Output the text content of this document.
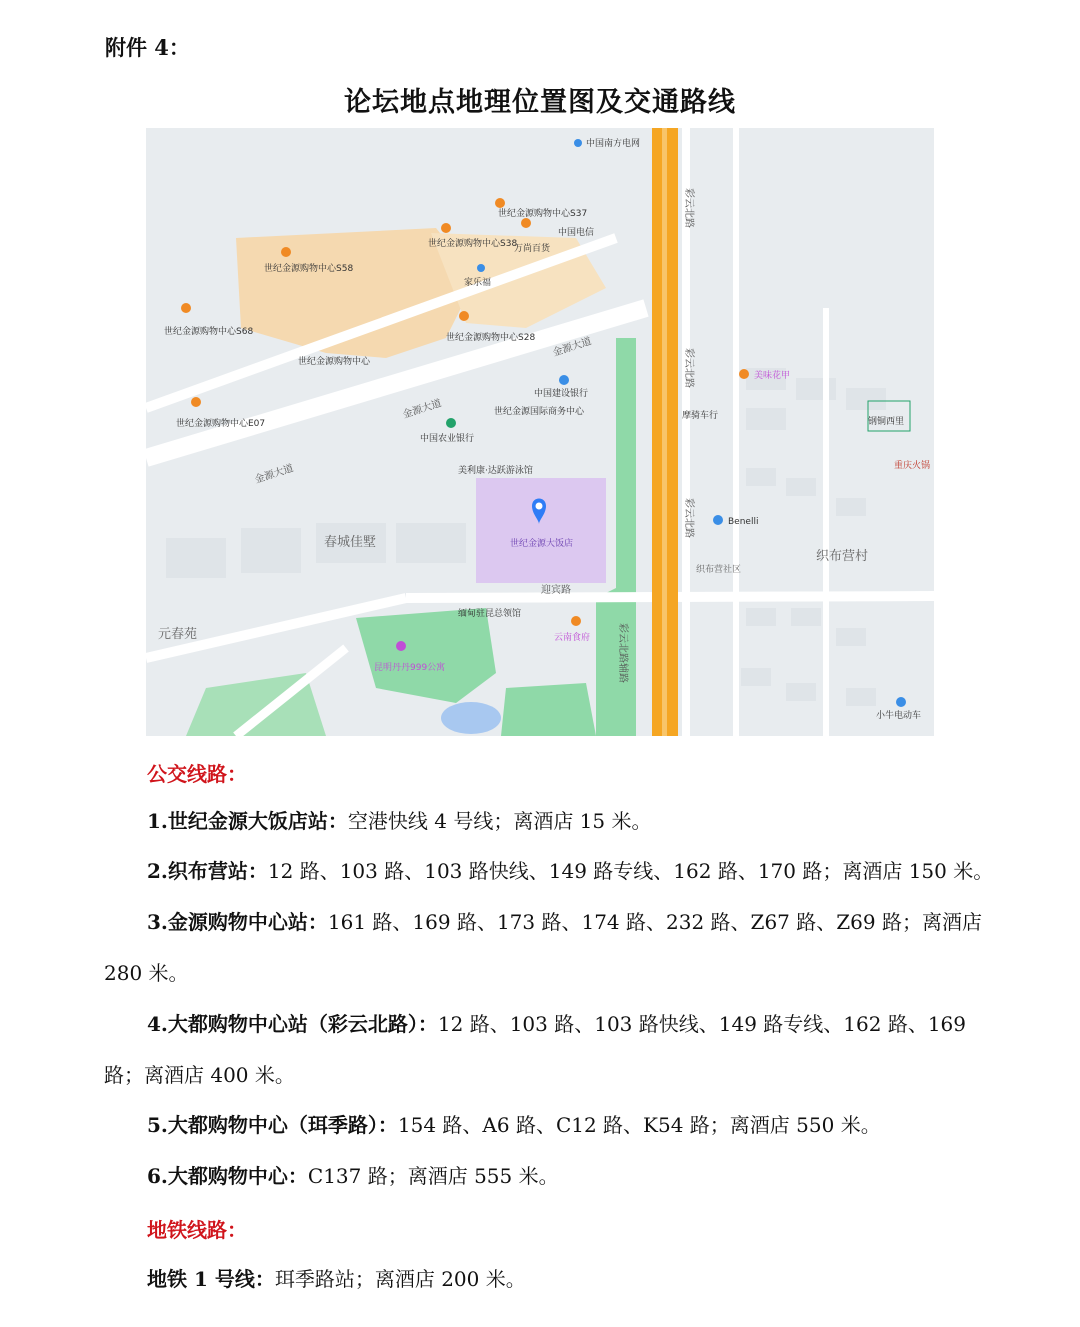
附件 4：
论坛地点地理位置图及交通路线
金源大道
金源大道
金源大道
彩云北路
彩云北路
彩云北路
彩云北路辅路
迎宾路
春城佳墅
元春苑
织布营村
织布营社区
世纪金源大饭店
家乐福
万尚百货
中国电信
中国南方电网
中国农业银行
中国建设银行
世纪金源国际商务中心
世纪金源购物中心S68
世纪金源购物中心S58
世纪金源购物中心S28
世纪金源购物中心S38
世纪金源购物中心S37
世纪金源购物中心E07
世纪金源购物中心
云南食府
缅甸驻昆总领馆
昆明丹丹999公寓
Benelli
美味花甲
摩骑车行
美利康·达跃游泳馆
钢铜西里
重庆火锅
小牛电动车
公交线路：
1.世纪金源大饭店站：空港快线 4 号线；离酒店 15 米。
2.织布营站：12 路、103 路、103 路快线、149 路专线、162 路、170 路；离酒店 150 米。
3.金源购物中心站：161 路、169 路、173 路、174 路、232 路、Z67 路、Z69 路；离酒店
280 米。
4.大都购物中心站（彩云北路）：12 路、103 路、103 路快线、149 路专线、162 路、169
路；离酒店 400 米。
5.大都购物中心（珥季路）：154 路、A6 路、C12 路、K54 路；离酒店 550 米。
6.大都购物中心：C137 路；离酒店 555 米。
地铁线路：
地铁 1 号线：珥季路站；离酒店 200 米。
